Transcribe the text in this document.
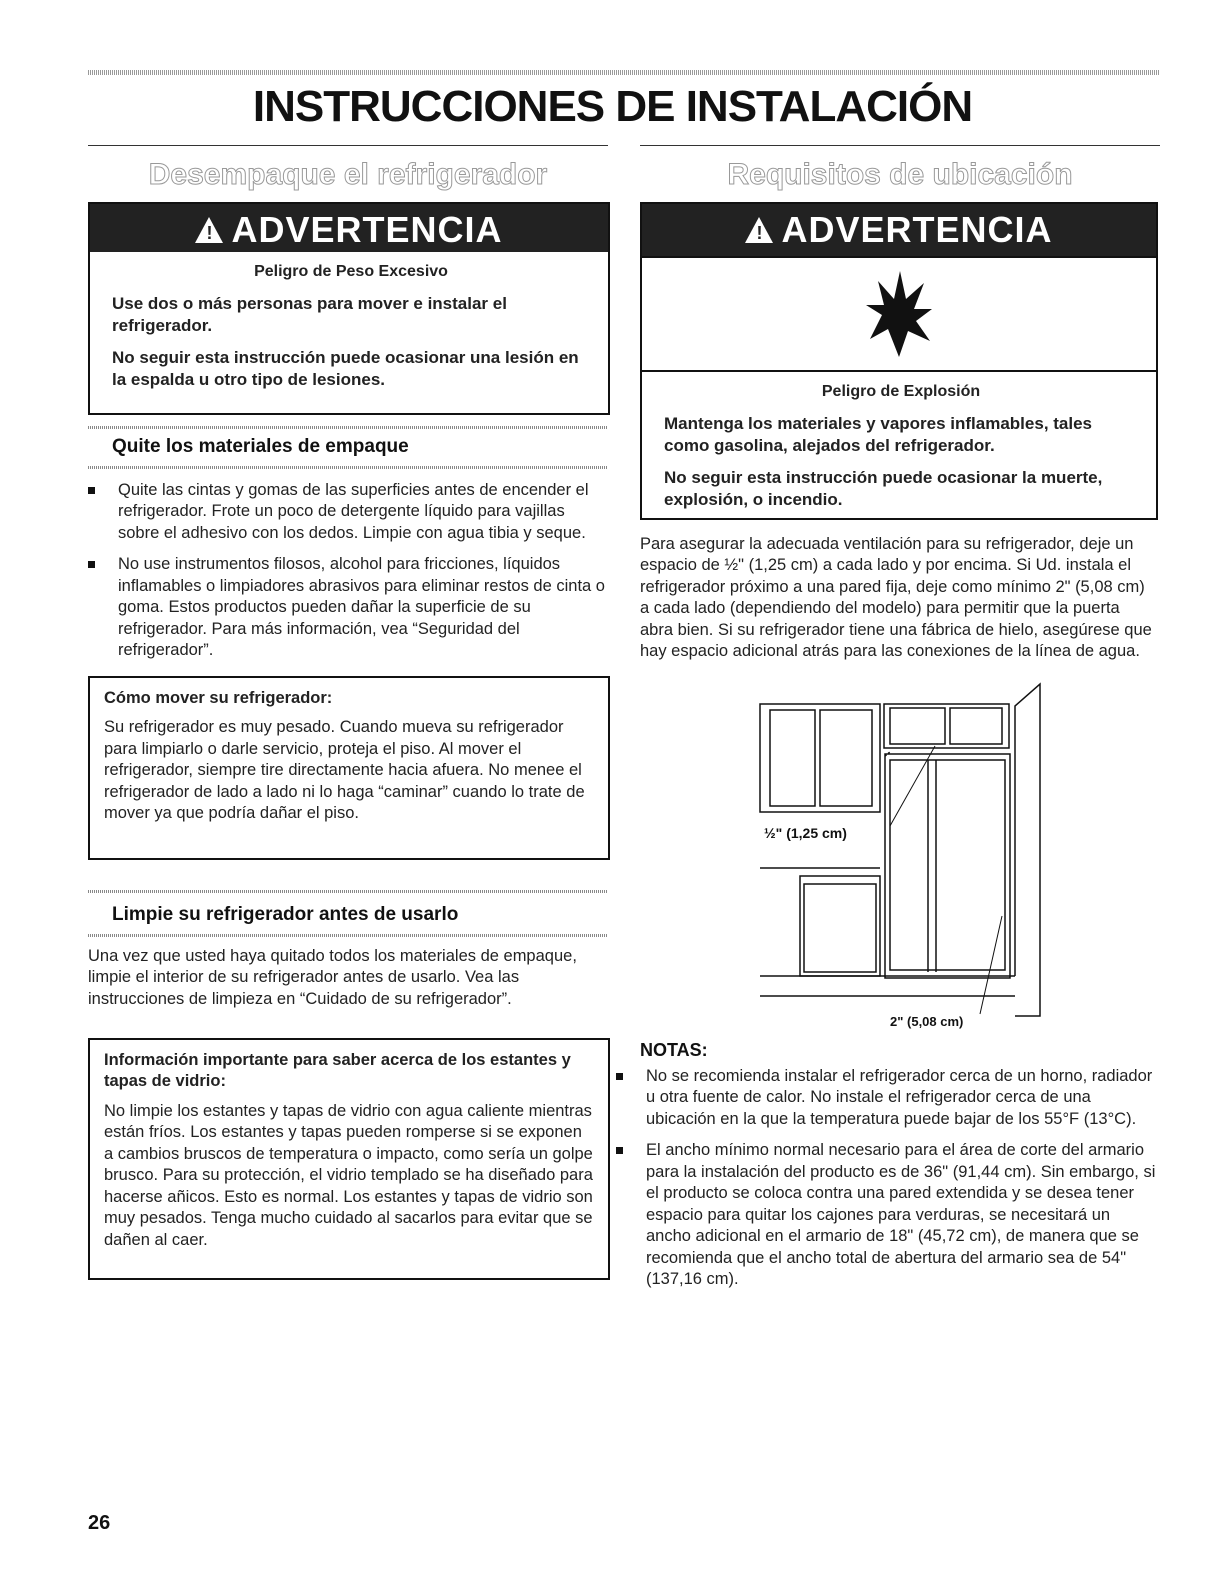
INSTRUCCIONES DE INSTALACIÓN
Desempaque el refrigerador
! ADVERTENCIA
Peligro de Peso Excesivo

Use dos o más personas para mover e instalar el refrigerador.

No seguir esta instrucción puede ocasionar una lesión en la espalda u otro tipo de lesiones.

Quite los materiales de empaque
Quite las cintas y gomas de las superficies antes de encender el refrigerador. Frote un poco de detergente líquido para vajillas sobre el adhesivo con los dedos. Limpie con agua tibia y seque.
No use instrumentos filosos, alcohol para fricciones, líquidos inflamables o limpiadores abrasivos para eliminar restos de cinta o goma. Estos productos pueden dañar la superficie de su refrigerador. Para más información, vea “Seguridad del refrigerador”.

Cómo mover su refrigerador:

Su refrigerador es muy pesado. Cuando mueva su refrigerador para limpiarlo o darle servicio, proteja el piso. Al mover el refrigerador, siempre tire directamente hacia afuera. No menee el refrigerador de lado a lado ni lo haga “caminar” cuando lo trate de mover ya que podría dañar el piso.

Limpie su refrigerador antes de usarlo

Una vez que usted haya quitado todos los materiales de empaque, limpie el interior de su refrigerador antes de usarlo. Vea las instrucciones de limpieza en “Cuidado de su refrigerador”.

Información importante para saber acerca de los estantes y tapas de vidrio:

No limpie los estantes y tapas de vidrio con agua caliente mientras están fríos. Los estantes y tapas pueden romperse si se exponen a cambios bruscos de temperatura o impacto, como sería un golpe brusco. Para su protección, el vidrio templado se ha diseñado para hacerse añicos. Esto es normal. Los estantes y tapas de vidrio son muy pesados. Tenga mucho cuidado al sacarlos para evitar que se dañen al caer.

Requisitos de ubicación
! ADVERTENCIA
Peligro de Explosión

Mantenga los materiales y vapores inflamables, tales como gasolina, alejados del refrigerador.

No seguir esta instrucción puede ocasionar la muerte, explosión, o incendio.

Para asegurar la adecuada ventilación para su refrigerador, deje un espacio de ½" (1,25 cm) a cada lado y por encima. Si Ud. instala el refrigerador próximo a una pared fija, deje como mínimo 2" (5,08 cm) a cada lado (dependiendo del modelo) para permitir que la puerta abra bien. Si su refrigerador tiene una fábrica de hielo, asegúrese que hay espacio adicional atrás para las conexiones de la línea de agua.

½" (1,25 cm)
2" (5,08 cm)
NOTAS:
No se recomienda instalar el refrigerador cerca de un horno, radiador u otra fuente de calor. No instale el refrigerador cerca de una ubicación en la que la temperatura puede bajar de los 55°F (13°C).
El ancho mínimo normal necesario para el área de corte del armario para la instalación del producto es de 36" (91,44 cm). Sin embargo, si el producto se coloca contra una pared extendida y se desea tener espacio para quitar los cajones para verduras, se necesitará un ancho adicional en el armario de 18" (45,72 cm), de manera que se recomienda que el ancho total de abertura del armario sea de 54" (137,16 cm).
26
